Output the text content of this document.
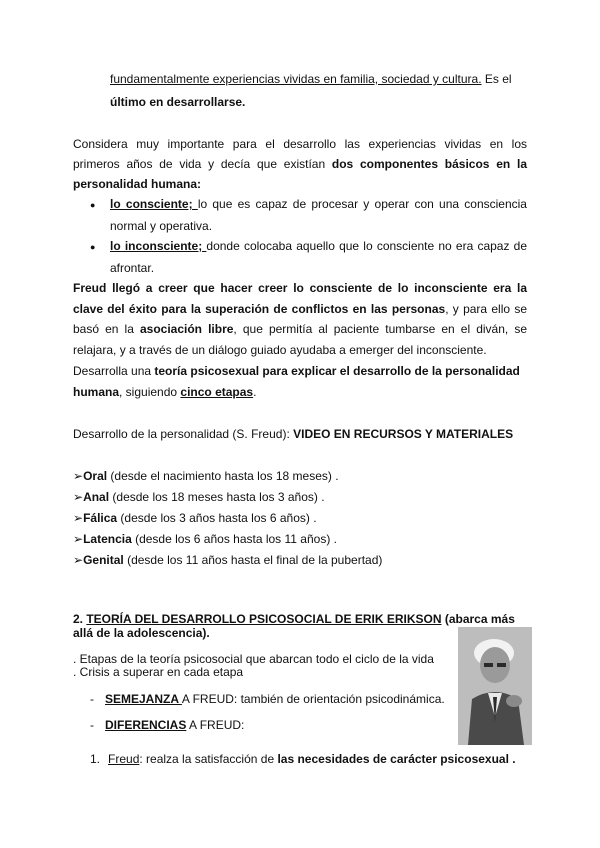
fundamentalmente experiencias vividas en familia, sociedad y cultura. Es el

último en desarrollarse.

Considera muy importante para el desarrollo las experiencias vividas en los

primeros años de vida y decía que existían dos componentes básicos en la

personalidad humana:

● lo consciente; lo que es capaz de procesar y operar con una consciencia

normal y operativa.

● lo inconsciente; donde colocaba aquello que lo consciente no era capaz de

afrontar.

Freud llegó a creer que hacer creer lo consciente de lo inconsciente era la

clave del éxito para la superación de conflictos en las personas, y para ello se

basó en la asociación libre, que permitía al paciente tumbarse en el diván, se

relajara, y a través de un diálogo guiado ayudaba a emerger del inconsciente.

Desarrolla una teoría psicosexual para explicar el desarrollo de la personalidad

humana, siguiendo cinco etapas.

Desarrollo de la personalidad (S. Freud): VIDEO EN RECURSOS Y MATERIALES

➢Oral (desde el nacimiento hasta los 18 meses) .

➢Anal (desde los 18 meses hasta los 3 años) .

➢Fálica (desde los 3 años hasta los 6 años) .

➢Latencia (desde los 6 años hasta los 11 años) .

➢Genital (desde los 11 años hasta el final de la pubertad)

2. TEORÍA DEL DESARROLLO PSICOSOCIAL DE ERIK ERIKSON (abarca más

allá de la adolescencia).

. Etapas de la teoría psicosocial que abarcan todo el ciclo de la vida

. Crisis a superar en cada etapa

- SEMEJANZA A FREUD: también de orientación psicodinámica.

- DIFERENCIAS A FREUD:

1. Freud: realza la satisfacción de las necesidades de carácter psicosexual .
